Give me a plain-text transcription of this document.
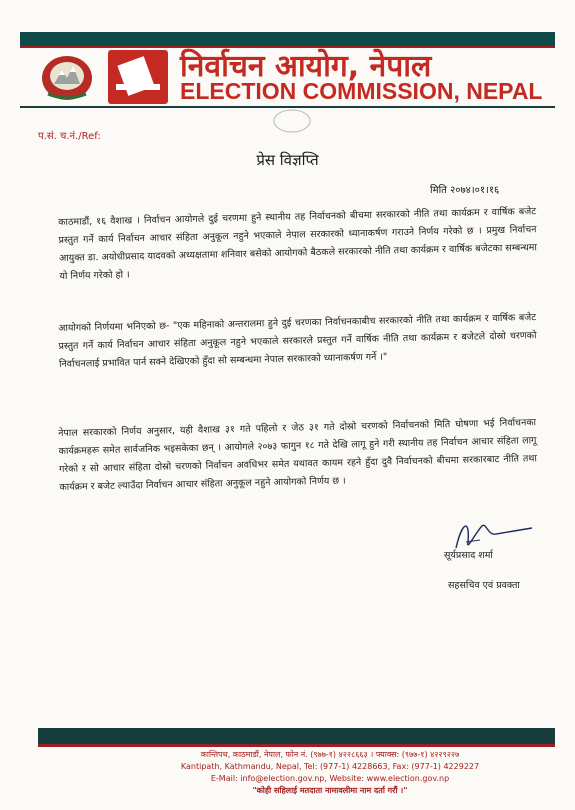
निर्वाचन आयोग, नेपाल
ELECTION COMMISSION, NEPAL
प.सं. च.नं./Ref:
प्रेस विज्ञप्ति
मिति २०७४।०१।१६
काठमाडौं, १६ वैशाख । निर्वाचन आयोगले दुई चरणमा हुने स्थानीय तह निर्वाचनको बीचमा सरकारको नीति तथा कार्यक्रम र वार्षिक बजेट प्रस्तुत गर्ने कार्य निर्वाचन आचार संहिता अनुकूल नहुने भएकाले नेपाल सरकारको ध्यानाकर्षण गराउने निर्णय गरेको छ । प्रमुख निर्वाचन आयुक्त डा. अयोधीप्रसाद यादवको अध्यक्षतामा शनिवार बसेको आयोगको बैठकले सरकारको नीति तथा कार्यक्रम र वार्षिक बजेटका सम्बन्धमा यो निर्णय गरेको हो ।
आयोगको निर्णयमा भनिएको छ- "एक महिनाको अन्तरालमा हुने दुई चरणका निर्वाचनकाबीच सरकारको नीति तथा कार्यक्रम र वार्षिक बजेट प्रस्तुत गर्ने कार्य निर्वाचन आचार संहिता अनुकूल नहुने भएकाले सरकारले प्रस्तुत गर्ने वार्षिक नीति तथा कार्यक्रम र बजेटले दोस्रो चरणको निर्वाचनलाई प्रभावित पार्न सक्ने देखिएको हुँदा सो सम्बन्धमा नेपाल सरकारको ध्यानाकर्षण गर्ने ।"
नेपाल सरकारको निर्णय अनुसार, यही वैशाख ३१ गते पहिलो र जेठ ३१ गते दोस्रो चरणको निर्वाचनको मिति घोषणा भई निर्वाचनका कार्यक्रमहरू समेत सार्वजनिक भइसकेका छन् । आयोगले २०७३ फागुन १८ गते देखि लागू हुने गरी स्थानीय तह निर्वाचन आचार संहिता लागू गरेको र सो आचार संहिता दोस्रो चरणको निर्वाचन अवधिभर समेत यथावत कायम रहने हुँदा दुवै निर्वाचनको बीचमा सरकारबाट नीति तथा कार्यक्रम र बजेट ल्याउँदा निर्वाचन आचार संहिता अनुकूल नहुने आयोगको निर्णय छ ।
सूर्यप्रसाद शर्मा
सहसचिव एवं प्रवक्ता
कान्तिपथ, काठमाडौं, नेपाल, फोन नं. (९७७-१) ४२२८६६३ । फ्याक्स: (९७७-१) ४२२९२२७
Kantipath, Kathmandu, Nepal, Tel: (977-1) 4228663, Fax: (977-1) 4229227
E-Mail: info@election.gov.np, Website: www.election.gov.np
"कोही सहिलाई मतदाता नामावलीमा नाम दर्ता गरौं ।"
